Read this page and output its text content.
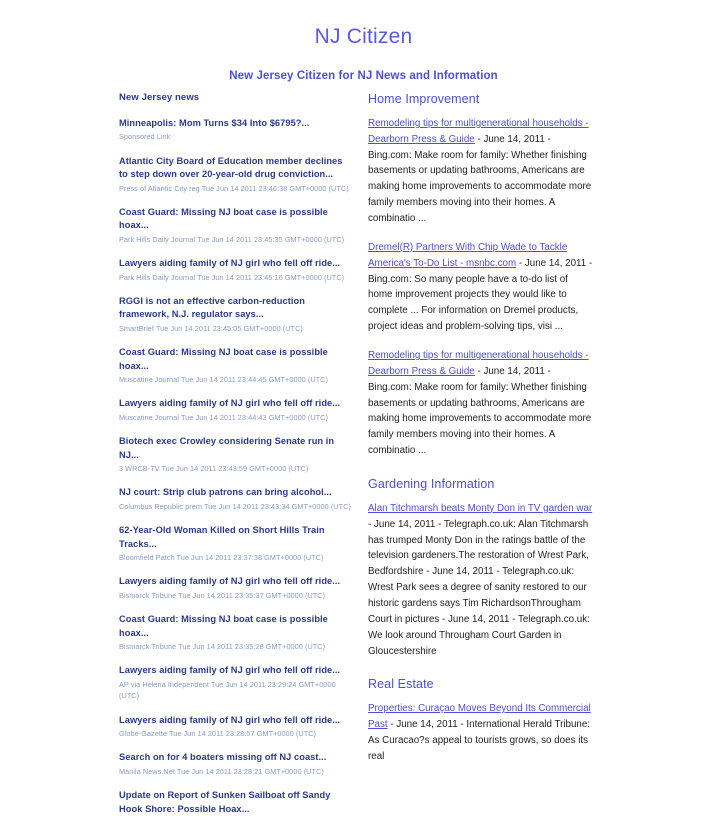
NJ Citizen
New Jersey Citizen for NJ News and Information
New Jersey news
Minneapolis: Mom Turns $34 Into $6795?...
Sponsored Link
Atlantic City Board of Education member declines to step down over 20-year-old drug conviction...
Press of Atlantic City reg Tue Jun 14 2011 23:46:38 GMT+0000 (UTC)
Coast Guard: Missing NJ boat case is possible hoax...
Park Hills Daily Journal Tue Jun 14 2011 23:45:35 GMT+0000 (UTC)
Lawyers aiding family of NJ girl who fell off ride...
Park Hills Daily Journal Tue Jun 14 2011 23:45:16 GMT+0000 (UTC)
RGGI is not an effective carbon-reduction framework, N.J. regulator says...
SmartBrief Tue Jun 14 2011 23:45:05 GMT+0000 (UTC)
Coast Guard: Missing NJ boat case is possible hoax...
Muscatine Journal Tue Jun 14 2011 23:44:45 GMT+0000 (UTC)
Lawyers aiding family of NJ girl who fell off ride...
Muscatine Journal Tue Jun 14 2011 23:44:43 GMT+0000 (UTC)
Biotech exec Crowley considering Senate run in NJ...
3 WRCB-TV Tue Jun 14 2011 23:43:59 GMT+0000 (UTC)
NJ court: Strip club patrons can bring alcohol...
Columbus Republic prem Tue Jun 14 2011 23:43:34 GMT+0000 (UTC)
62-Year-Old Woman Killed on Short Hills Train Tracks...
Bloomfield Patch Tue Jun 14 2011 23:37:38 GMT+0000 (UTC)
Lawyers aiding family of NJ girl who fell off ride...
Bismarck Tribune Tue Jun 14 2011 23:35:37 GMT+0000 (UTC)
Coast Guard: Missing NJ boat case is possible hoax...
Bismarck Tribune Tue Jun 14 2011 23:35:28 GMT+0000 (UTC)
Lawyers aiding family of NJ girl who fell off ride...
AP via Helena Independent Tue Jun 14 2011 23:29:24 GMT+0000 (UTC)
Lawyers aiding family of NJ girl who fell off ride...
Globe-Gazette Tue Jun 14 2011 23:28:57 GMT+0000 (UTC)
Search on for 4 boaters missing off NJ coast...
Manila News.Net Tue Jun 14 2011 23:28:21 GMT+0000 (UTC)
Update on Report of Sunken Sailboat off Sandy Hook Shore: Possible Hoax...
Home Improvement

Remodeling tips for multigenerational households - Dearborn Press & Guide - June 14, 2011 - Bing.com: Make room for family: Whether finishing basements or updating bathrooms, Americans are making home improvements to accommodate more family members moving into their homes. A combinatio ...

Dremel(R) Partners With Chip Wade to Tackle America's To-Do List - msnbc.com - June 14, 2011 - Bing.com: So many people have a to-do list of home improvement projects they would like to complete ... For information on Dremel products, project ideas and problem-solving tips, visi ...

Remodeling tips for multigenerational households - Dearborn Press & Guide - June 14, 2011 - Bing.com: Make room for family: Whether finishing basements or updating bathrooms, Americans are making home improvements to accommodate more family members moving into their homes. A combinatio ...

Gardening Information

Alan Titchmarsh beats Monty Don in TV garden war - June 14, 2011 - Telegraph.co.uk: Alan Titchmarsh has trumped Monty Don in the ratings battle of the television gardeners.The restoration of Wrest Park, Bedfordshire - June 14, 2011 - Telegraph.co.uk: Wrest Park sees a degree of sanity restored to our historic gardens says Tim RichardsonThrougham Court in pictures - June 14, 2011 - Telegraph.co.uk: We look around Througham Court Garden in Gloucestershire

Real Estate

Properties: Curaçao Moves Beyond Its Commercial Past - June 14, 2011 - International Herald Tribune: As Curacao?s appeal to tourists grows, so does its real
